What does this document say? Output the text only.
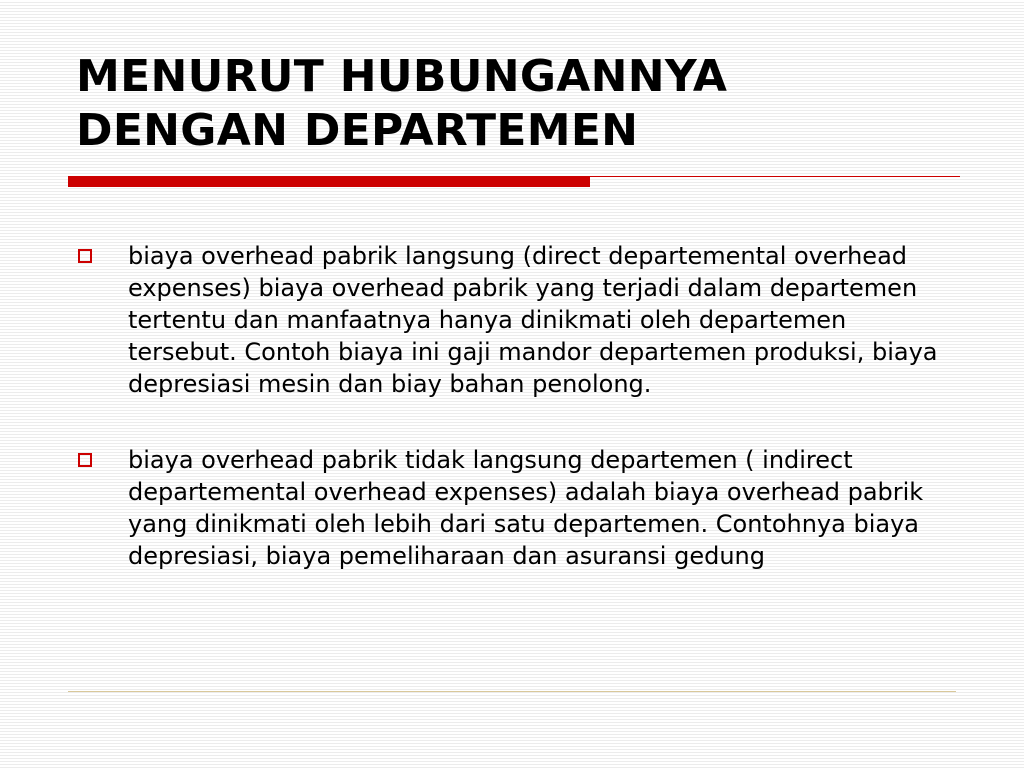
MENURUT HUBUNGANNYA
DENGAN DEPARTEMEN
biaya overhead pabrik langsung (direct departemental overhead expenses) biaya overhead pabrik yang terjadi dalam departemen tertentu dan manfaatnya hanya dinikmati oleh departemen tersebut. Contoh biaya ini gaji mandor departemen produksi, biaya depresiasi mesin dan biay bahan penolong.
biaya overhead pabrik tidak langsung departemen ( indirect departemental overhead expenses) adalah biaya overhead pabrik yang dinikmati oleh lebih dari satu departemen. Contohnya biaya depresiasi, biaya pemeliharaan dan asuransi gedung
